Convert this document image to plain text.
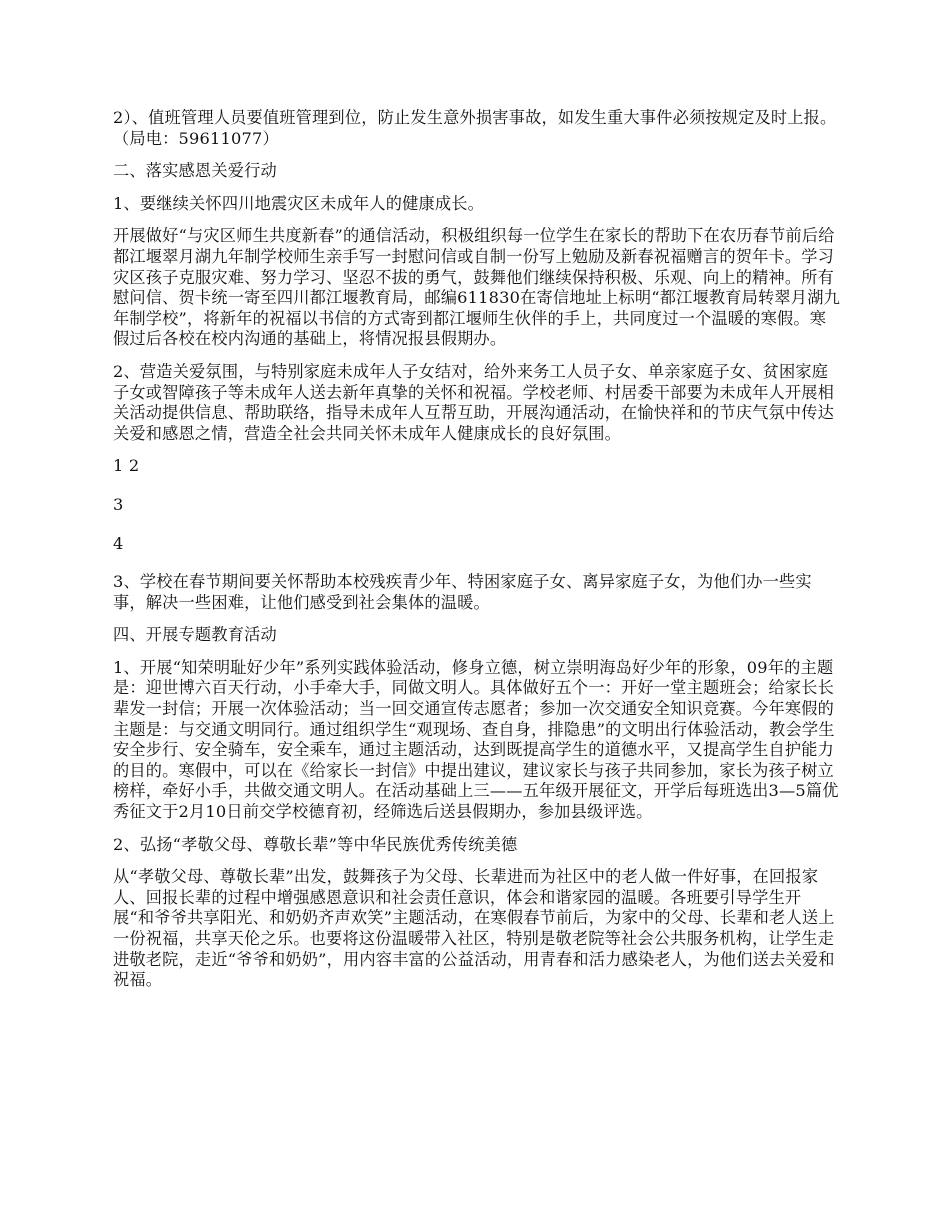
2）、值班管理人员要值班管理到位，防止发生意外损害事故，如发生重大事件必须按规定及时上报。（局电：59611077）

二、落实感恩关爱行动

1、要继续关怀四川地震灾区未成年人的健康成长。

开展做好“与灾区师生共度新春”的通信活动，积极组织每一位学生在家长的帮助下在农历春节前后给都江堰翠月湖九年制学校师生亲手写一封慰问信或自制一份写上勉励及新春祝福赠言的贺年卡。学习灾区孩子克服灾难、努力学习、坚忍不拔的勇气，鼓舞他们继续保持积极、乐观、向上的精神。所有慰问信、贺卡统一寄至四川都江堰教育局，邮编611830在寄信地址上标明“都江堰教育局转翠月湖九年制学校”，将新年的祝福以书信的方式寄到都江堰师生伙伴的手上，共同度过一个温暖的寒假。寒假过后各校在校内沟通的基础上，将情况报县假期办。

2、营造关爱氛围，与特别家庭未成年人子女结对，给外来务工人员子女、单亲家庭子女、贫困家庭子女或智障孩子等未成年人送去新年真挚的关怀和祝福。学校老师、村居委干部要为未成年人开展相关活动提供信息、帮助联络，指导未成年人互帮互助，开展沟通活动，在愉快祥和的节庆气氛中传达关爱和感恩之情，营造全社会共同关怀未成年人健康成长的良好氛围。

1 2

3

4

3、学校在春节期间要关怀帮助本校残疾青少年、特困家庭子女、离异家庭子女，为他们办一些实事，解决一些困难，让他们感受到社会集体的温暖。

四、开展专题教育活动

1、开展“知荣明耻好少年”系列实践体验活动，修身立德，树立崇明海岛好少年的形象，09年的主题是：迎世博六百天行动，小手牵大手，同做文明人。具体做好五个一：开好一堂主题班会；给家长长辈发一封信；开展一次体验活动；当一回交通宣传志愿者；参加一次交通安全知识竞赛。今年寒假的主题是：与交通文明同行。通过组织学生“观现场、查自身，排隐患”的文明出行体验活动，教会学生安全步行、安全骑车，安全乘车，通过主题活动，达到既提高学生的道德水平，又提高学生自护能力的目的。寒假中，可以在《给家长一封信》中提出建议，建议家长与孩子共同参加，家长为孩子树立榜样，牵好小手，共做交通文明人。在活动基础上三——五年级开展征文，开学后每班选出3—5篇优秀征文于2月10日前交学校德育初，经筛选后送县假期办，参加县级评选。

2、弘扬“孝敬父母、尊敬长辈”等中华民族优秀传统美德

从“孝敬父母、尊敬长辈”出发，鼓舞孩子为父母、长辈进而为社区中的老人做一件好事，在回报家人、回报长辈的过程中增强感恩意识和社会责任意识，体会和谐家园的温暖。各班要引导学生开展“和爷爷共享阳光、和奶奶齐声欢笑”主题活动，在寒假春节前后，为家中的父母、长辈和老人送上一份祝福，共享天伦之乐。也要将这份温暖带入社区，特别是敬老院等社会公共服务机构，让学生走进敬老院，走近“爷爷和奶奶”，用内容丰富的公益活动，用青春和活力感染老人，为他们送去关爱和祝福。
